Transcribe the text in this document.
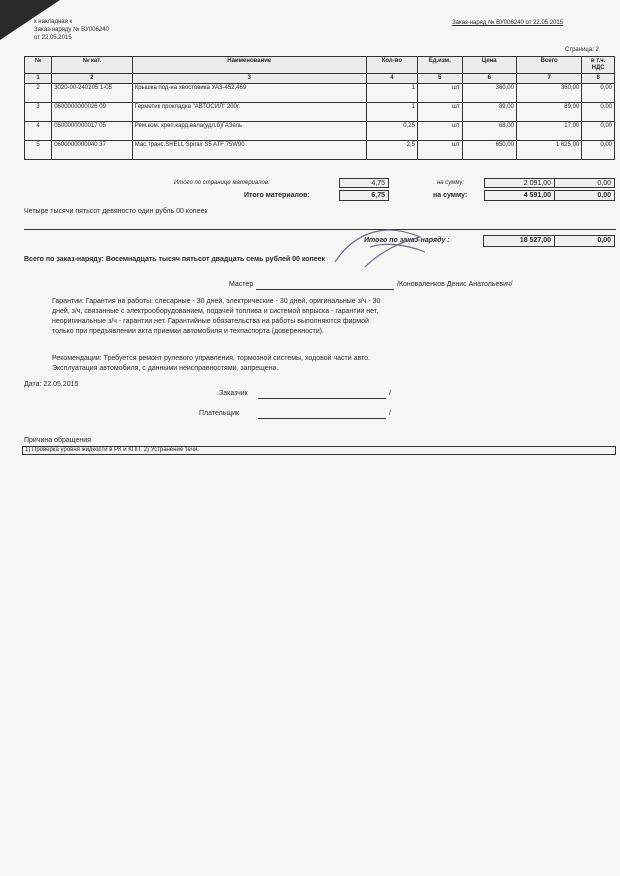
к накладная к
Заказ-наряду № ВУ006240
от 22.05.2015
Заказ-наряд № ВУ006240 от 22.05.2015
Страница: 2
№	№ кат.	Наименование	Кол-во	Ед.изм.	Цена	Всего	в т.ч. НДС
1	2	3	4	5	6	7	8
2	3020-00-240205 1-05	Крышка под-на хвостовика УАЗ-452,469	1	шт	360,00	360,00	0,00
3	0600000000026 09	Герметик прокладка "АВТОСИЛ" 200г.	1	шт	89,00	89,00	0,00
4	0500000000017 05	Рем.ком. креп.кард.вала(удл.б)ГАЗель	0,25	шт	68,00	17,00	0,00
5	0600000000040 37	Мас.транс.SHELL Spirax S5 ATF 75W90	2,5	шт	650,00	1 625,00	0,00
Итого по странице материалов:	4,75	на сумму:	2 091,00	0,00
Итого материалов:	6,75	на сумму:	4 591,00	0,00
Четыре тысячи пятьсот девяносто один рубль 00 копеек
Итого по заказ-наряду :	18 527,00	0,00
Всего по заказ-наряду: Восемнадцать тысяч пятьсот двадцать семь рублей 00 копеек
Мастер	/Коноваленков Денис Анатольевич/
Гарантии: Гарантия на работы: слесарные - 30 дней, электрические - 30 дней, оригинальные з/ч - 30
дней, з/ч, связанные с электрооборудованием, подачей топлива и системой впрыска - гарантии нет,
неоригинальные з/ч - гарантии нет. Гарантийные обязательства на работы выполняются фирмой
только при предъявлении акта приемки автомобиля и техпаспорта (доверенности).
Рекомендации: Требуется ремонт рулевого управления, тормозной системы, ходовой части авто.
Эксплуатация автомобиля, с данными неисправностями, запрещена.
Дата: 22.05.2015
Заказчик	/
Плательщик	/
Причина обращения
1) Проверка уровня жидкости в РК и КПП. 2) Устранение течи.
